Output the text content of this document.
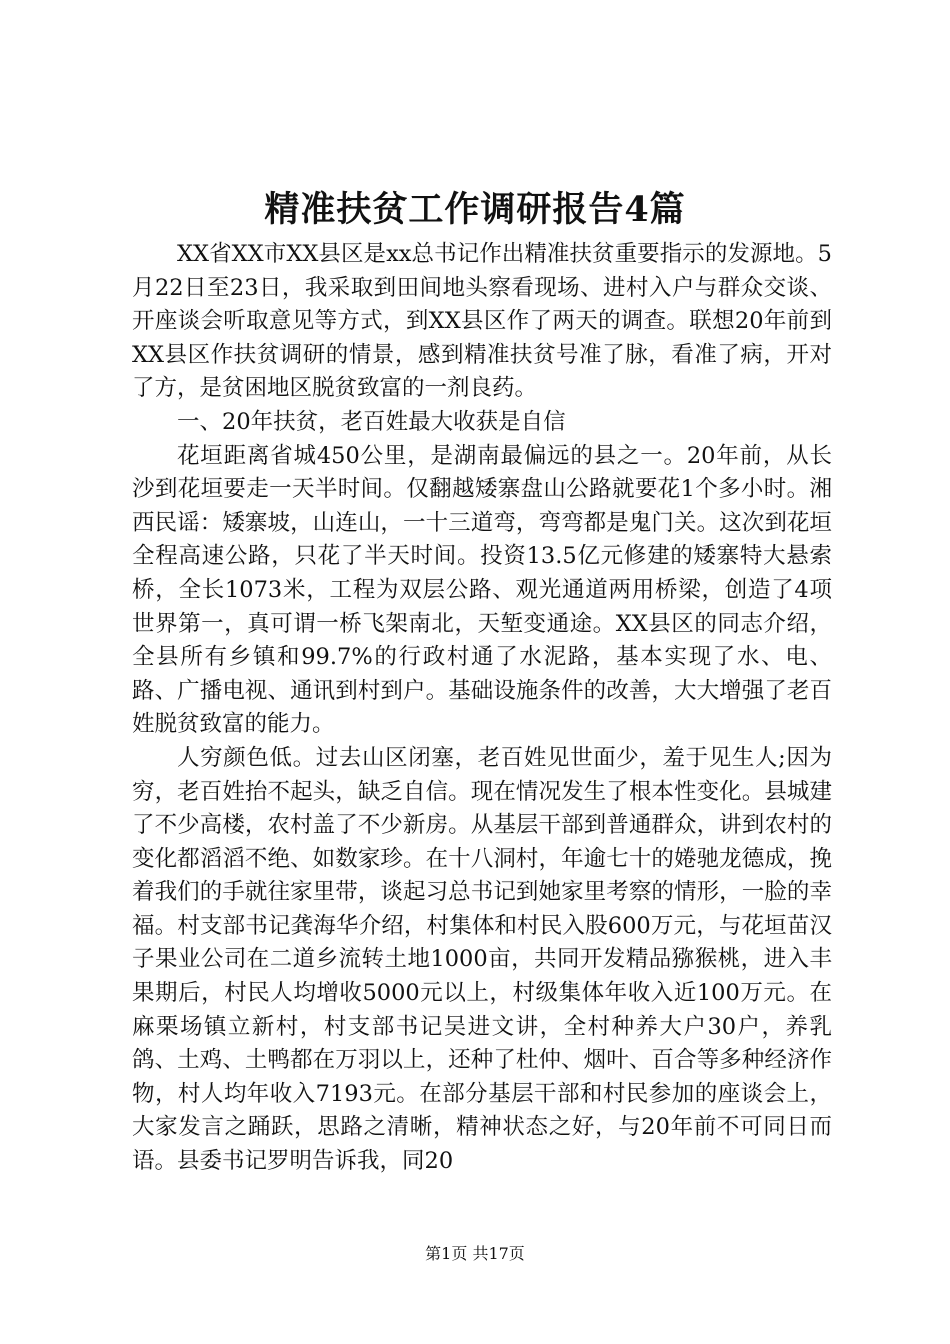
精准扶贫工作调研报告4篇

XX省XX市XX县区是xx总书记作出精准扶贫重要指示的发源地。5月22日至23日，我采取到田间地头察看现场、进村入户与群众交谈、开座谈会听取意见等方式，到XX县区作了两天的调查。联想20年前到XX县区作扶贫调研的情景，感到精准扶贫号准了脉，看准了病，开对了方，是贫困地区脱贫致富的一剂良药。

一、20年扶贫，老百姓最大收获是自信

花垣距离省城450公里，是湖南最偏远的县之一。20年前，从长沙到花垣要走一天半时间。仅翻越矮寨盘山公路就要花1个多小时。湘西民谣：矮寨坡，山连山，一十三道弯，弯弯都是鬼门关。这次到花垣全程高速公路，只花了半天时间。投资13.5亿元修建的矮寨特大悬索桥，全长1073米，工程为双层公路、观光通道两用桥梁，创造了4项世界第一，真可谓一桥飞架南北，天堑变通途。XX县区的同志介绍，全县所有乡镇和99.7%的行政村通了水泥路，基本实现了水、电、路、广播电视、通讯到村到户。基础设施条件的改善，大大增强了老百姓脱贫致富的能力。

人穷颜色低。过去山区闭塞，老百姓见世面少，羞于见生人;因为穷，老百姓抬不起头，缺乏自信。现在情况发生了根本性变化。县城建了不少高楼，农村盖了不少新房。从基层干部到普通群众，讲到农村的变化都滔滔不绝、如数家珍。在十八洞村，年逾七十的婘驰龙德成，挽着我们的手就往家里带，谈起习总书记到她家里考察的情形，一脸的幸福。村支部书记龚海华介绍，村集体和村民入股600万元，与花垣苗汉子果业公司在二道乡流转土地1000亩，共同开发精品猕猴桃，进入丰果期后，村民人均增收5000元以上，村级集体年收入近100万元。在麻栗场镇立新村，村支部书记吴进文讲，全村种养大户30户，养乳鸽、土鸡、土鸭都在万羽以上，还种了杜仲、烟叶、百合等多种经济作物，村人均年收入7193元。在部分基层干部和村民参加的座谈会上，大家发言之踊跃，思路之清晰，精神状态之好，与20年前不可同日而语。县委书记罗明告诉我，同20

第1页 共17页
